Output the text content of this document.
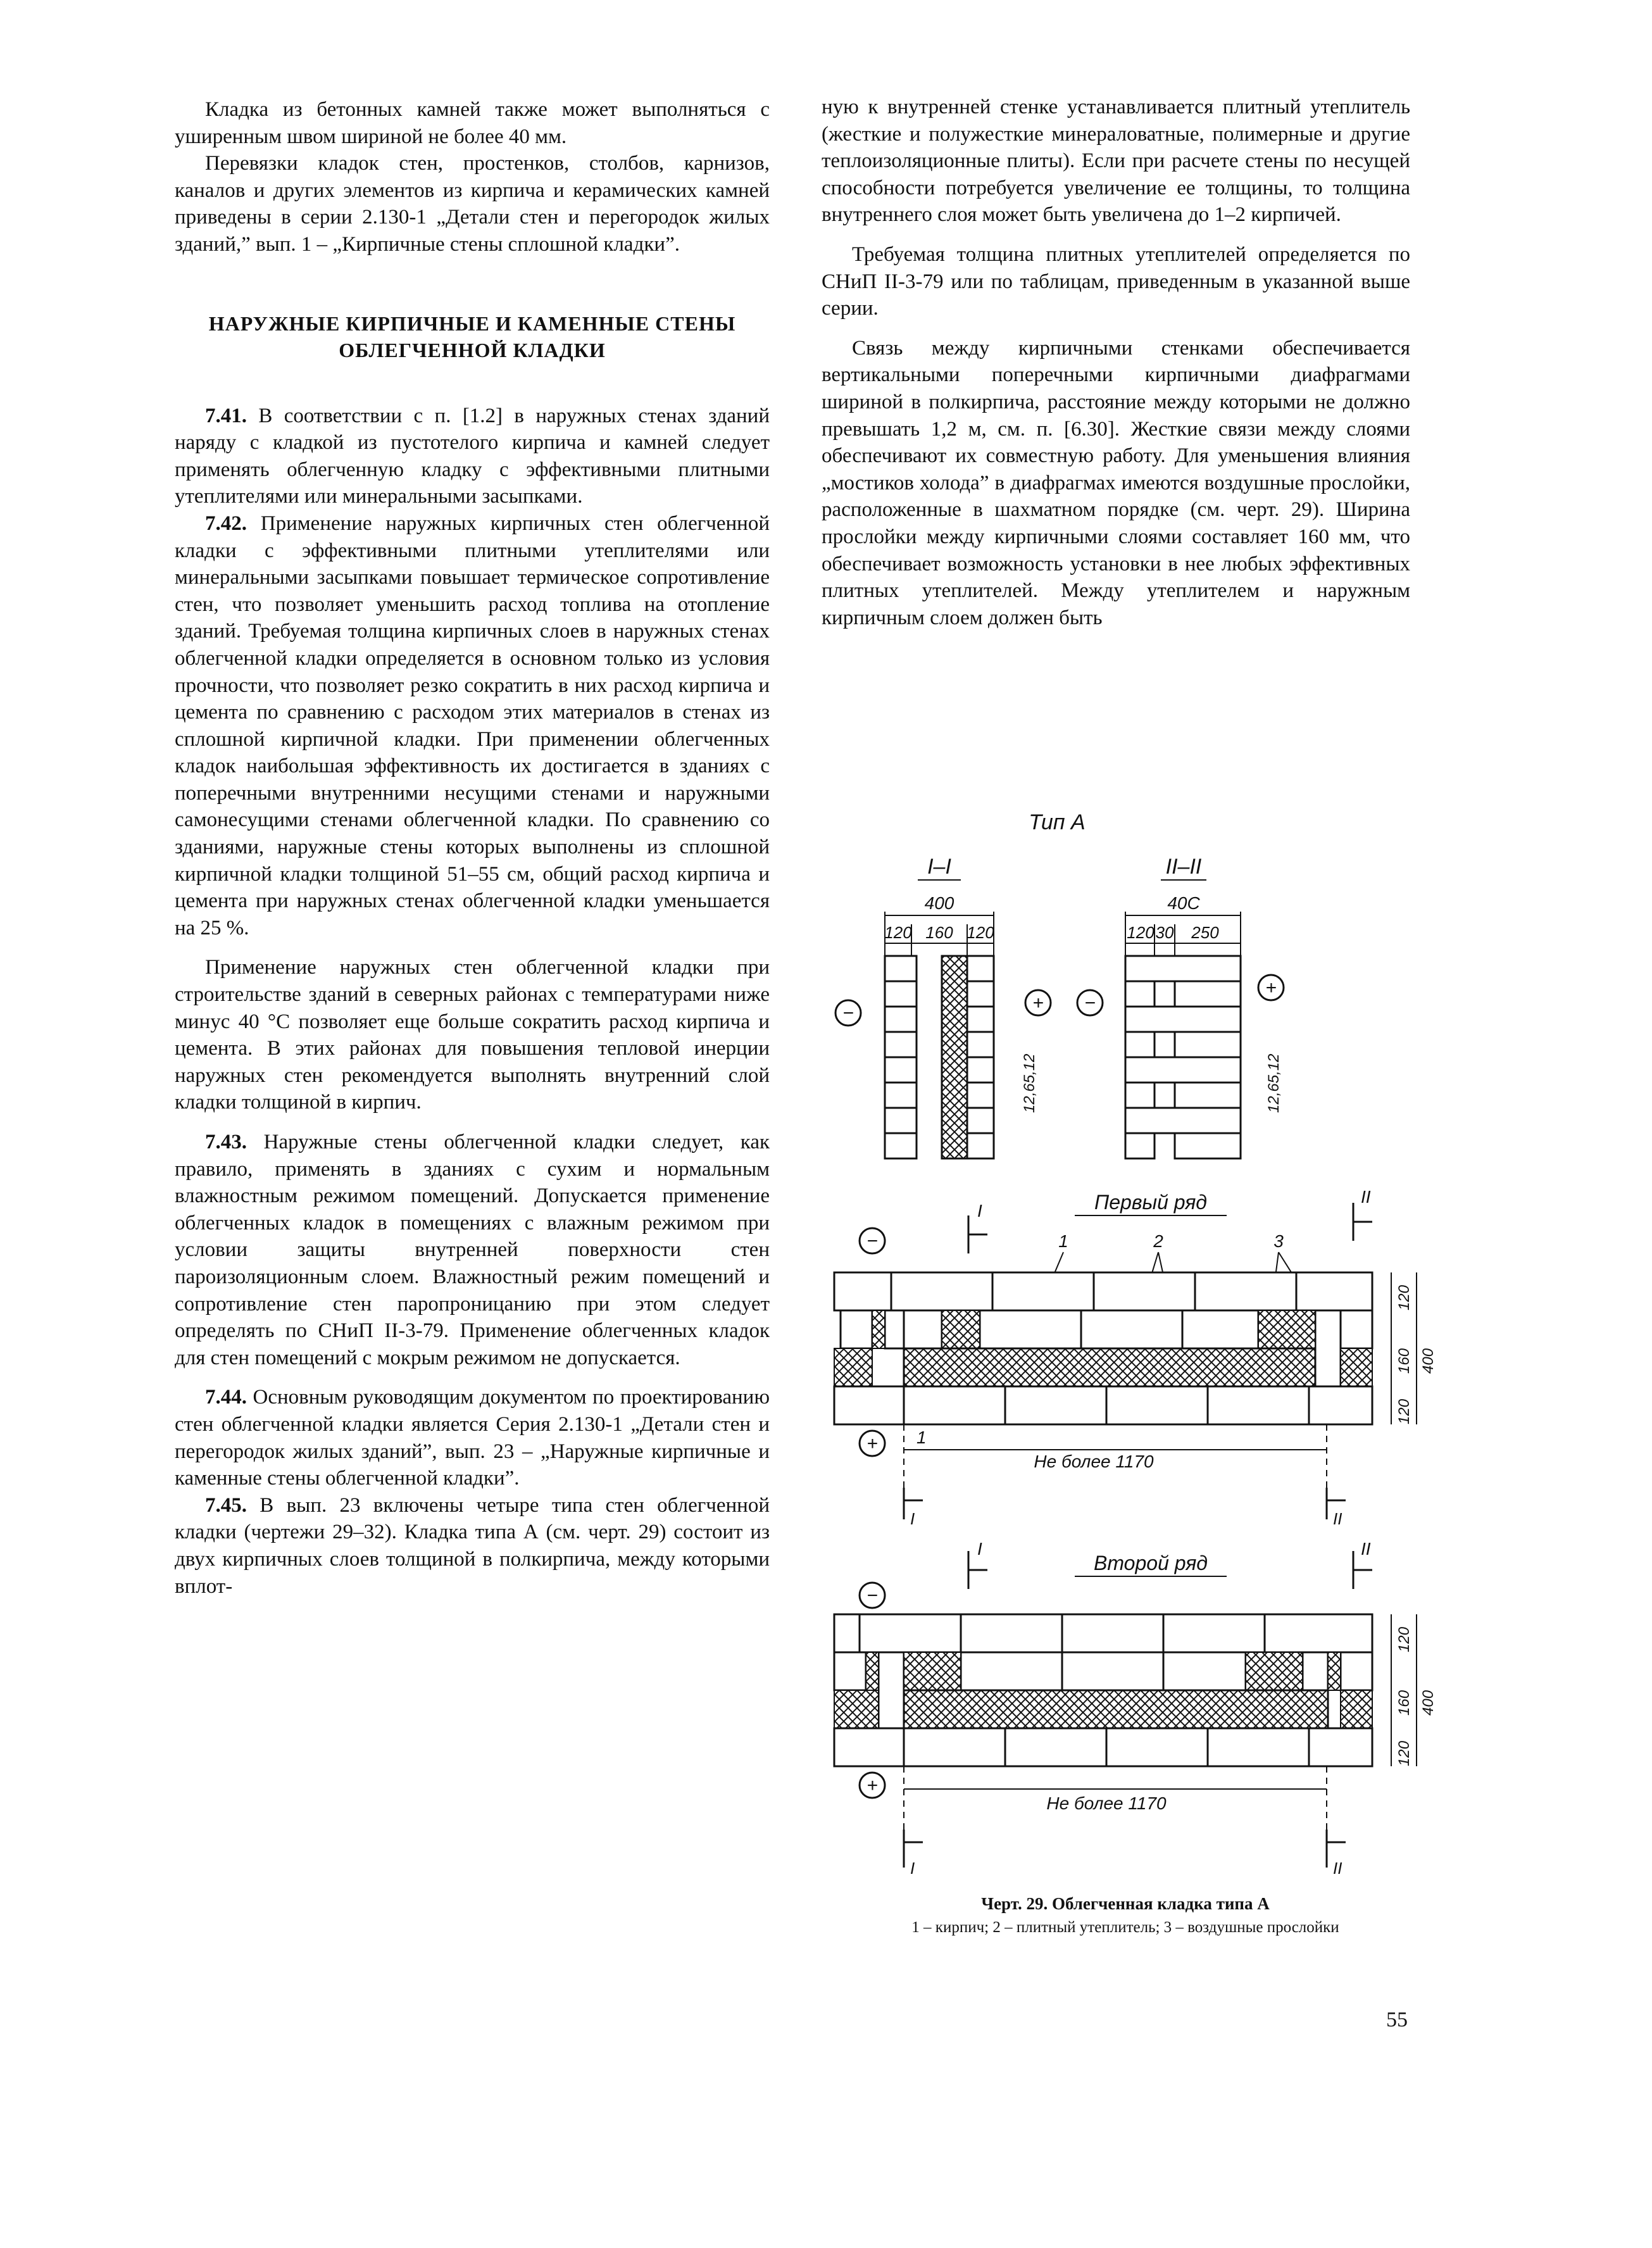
Кладка из бетонных камней также может выполняться с уширенным швом шириной не более 40 мм.

Перевязки кладок стен, простенков, столбов, карнизов, каналов и других элементов из кирпича и керамических камней приведены в серии 2.130-1 „Детали стен и перегородок жилых зданий,” вып. 1 – „Кирпичные стены сплошной кладки”.

НАРУЖНЫЕ КИРПИЧНЫЕ И КАМЕННЫЕ СТЕНЫ ОБЛЕГЧЕННОЙ КЛАДКИ

7.41. В соответствии с п. [1.2] в наружных стенах зданий наряду с кладкой из пустотелого кирпича и камней следует применять облегченную кладку с эффективными плитными утеплителями или минеральными засыпками.

7.42. Применение наружных кирпичных стен облегченной кладки с эффективными плитными утеплителями или минеральными засыпками повышает термическое сопротивление стен, что позволяет уменьшить расход топлива на отопление зданий. Требуемая толщина кирпичных слоев в наружных стенах облегченной кладки определяется в основном только из условия прочности, что позволяет резко сократить в них расход кирпича и цемента по сравнению с расходом этих материалов в стенах из сплошной кирпичной кладки. При применении облегченных кладок наибольшая эффективность их достигается в зданиях с поперечными внутренними несущими стенами и наружными самонесущими стенами облегченной кладки. По сравнению со зданиями, наружные стены которых выполнены из сплошной кирпичной кладки толщиной 51–55 см, общий расход кирпича и цемента при наружных стенах облегченной кладки уменьшается на 25 %.

Применение наружных стен облегченной кладки при строительстве зданий в северных районах с температурами ниже минус 40 °С позволяет еще больше сократить расход кирпича и цемента. В этих районах для повышения тепловой инерции наружных стен рекомендуется выполнять внутренний слой кладки толщиной в кирпич.

7.43. Наружные стены облегченной кладки следует, как правило, применять в зданиях с сухим и нормальным влажностным режимом помещений. Допускается применение облегченных кладок в помещениях с влажным режимом при условии защиты внутренней поверхности стен пароизоляционным слоем. Влажностный режим помещений и сопротивление стен паропроницанию при этом следует определять по СНиП II-3-79. Применение облегченных кладок для стен помещений с мокрым режимом не допускается.

7.44. Основным руководящим документом по проектированию стен облегченной кладки является Серия 2.130-1 „Детали стен и перегородок жилых зданий”, вып. 23 – „Наружные кирпичные и каменные стены облегченной кладки”.

7.45. В вып. 23 включены четыре типа стен облегченной кладки (чертежи 29–32). Кладка типа А (см. черт. 29) состоит из двух кирпичных слоев толщиной в полкирпича, между которыми вплот-

ную к внутренней стенке устанавливается плитный утеплитель (жесткие и полужесткие минераловатные, полимерные и другие теплоизоляционные плиты). Если при расчете стены по несущей способности потребуется увеличение ее толщины, то толщина внутреннего слоя может быть увеличена до 1–2 кирпичей.

Требуемая толщина плитных утеплителей определяется по СНиП II-3-79 или по таблицам, приведенным в указанной выше серии.

Связь между кирпичными стенками обеспечивается вертикальными поперечными кирпичными диафрагмами шириной в полкирпича, расстояние между которыми не должно превышать 1,2 м, см. п. [6.30]. Жесткие связи между слоями обеспечивают их совместную работу. Для уменьшения влияния „мостиков холода” в диафрагмах имеются воздушные прослойки, расположенные в шахматном порядке (см. черт. 29). Ширина прослойки между кирпичными слоями составляет 160 мм, что обеспечивает возможность установки в нее любых эффективных плитных утеплителей. Между утеплителем и наружным кирпичным слоем должен быть

Тип А
I–I
400
120 160 120
−	+
12,65,12
II–II
40С
120 30 250
−
+
12,65,12
Первый ряд
−
I
II
1	2	3
120
160
120
400
+ 1
Не более 1170
I	II
Второй ряд
−
I	II
120
160
120
400
+
Не более 1170
I	II
Черт. 29. Облегченная кладка типа А
1 – кирпич; 2 – плитный утеплитель; 3 – воздушные прослойки
55
